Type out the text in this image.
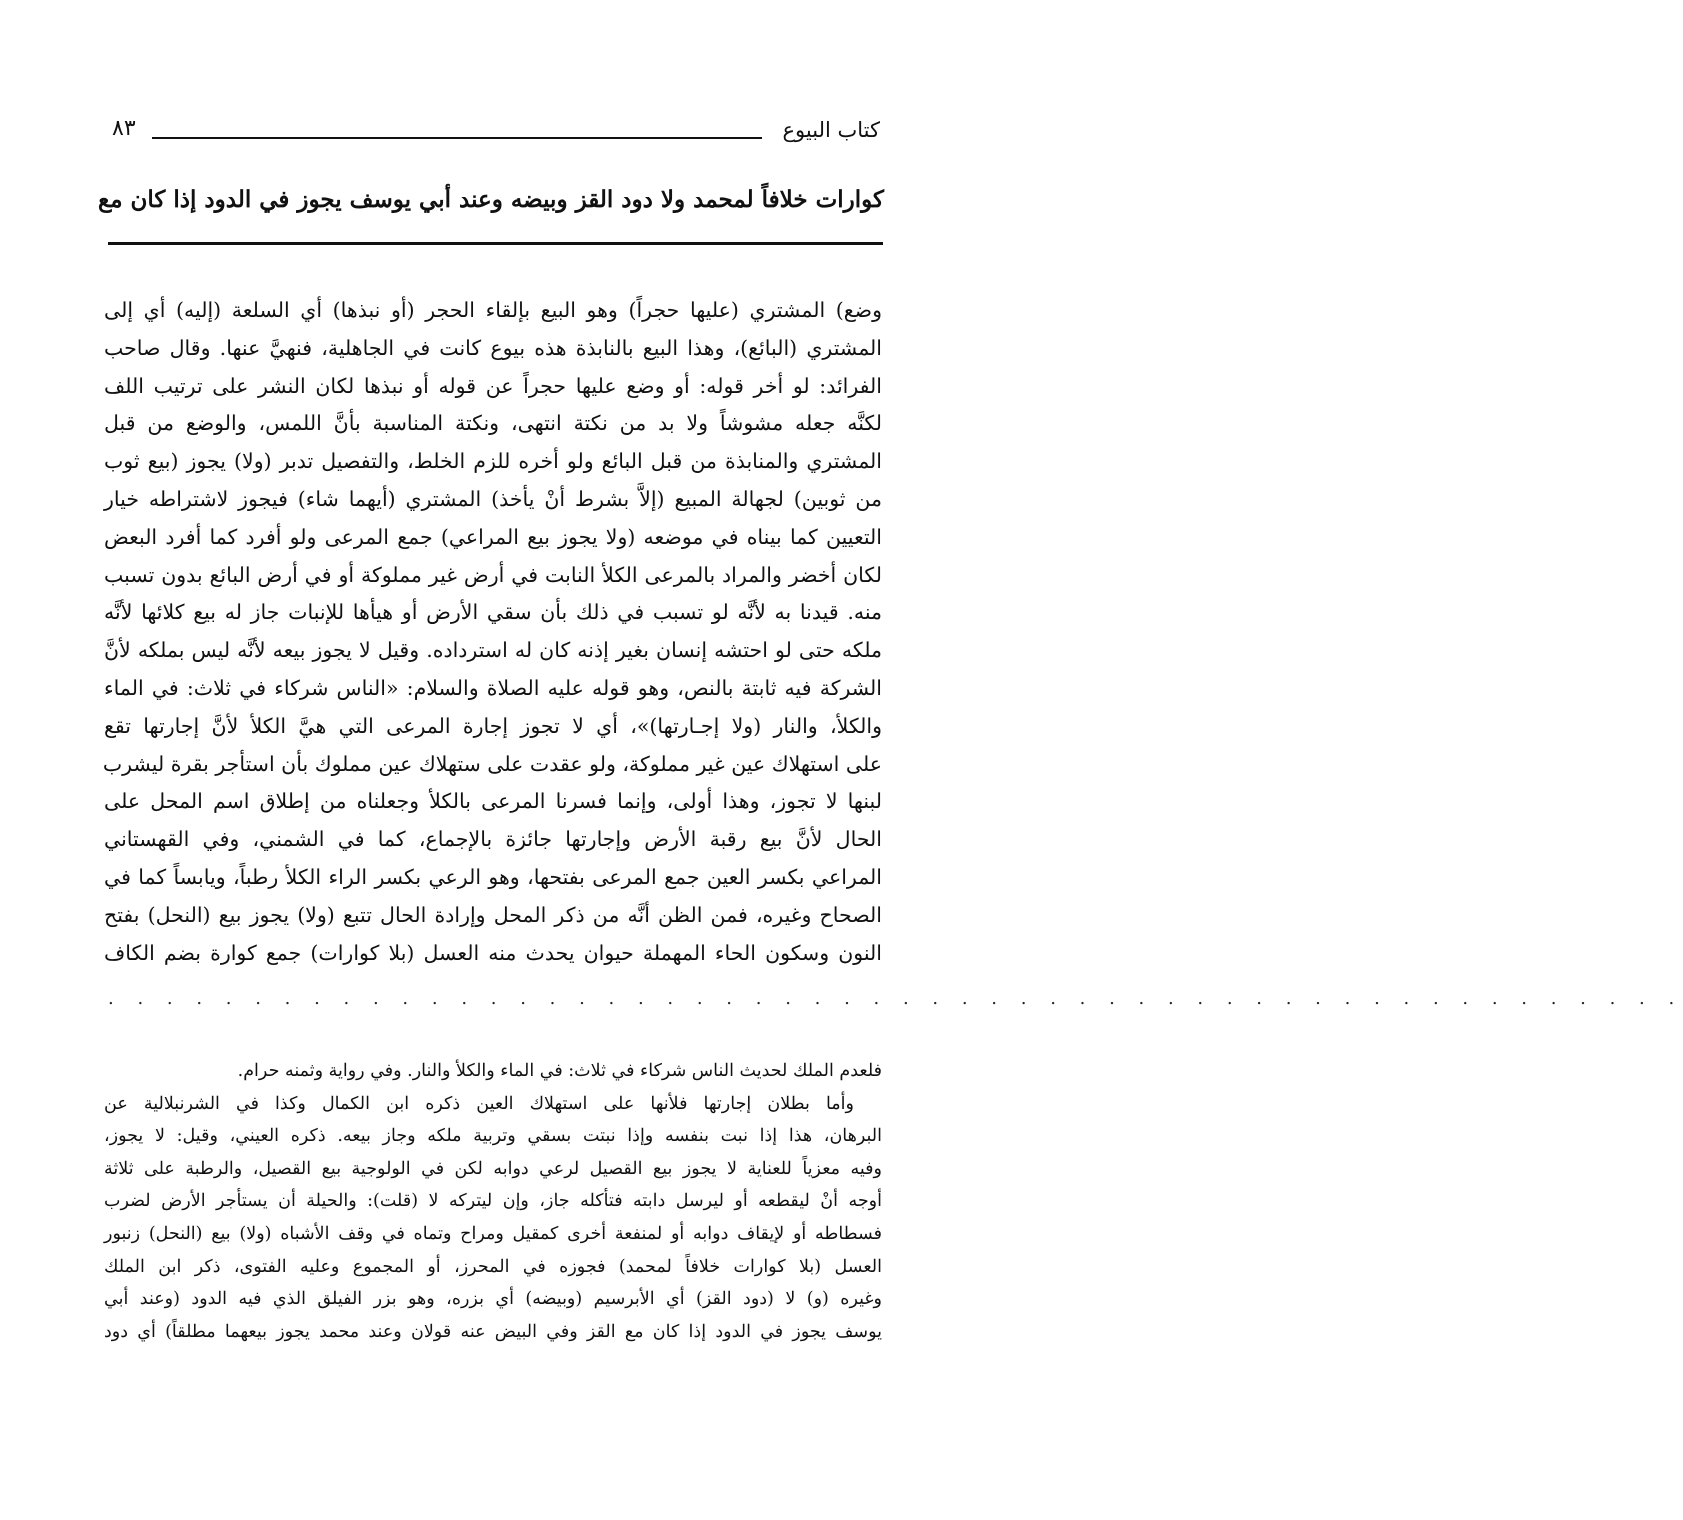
كتاب البيوع
٨٣
كوارات خلافاً لمحمد ولا دود القز وبيضه وعند أبي يوسف يجوز في الدود إذا كان مع
وضع) المشتري (عليها حجراً) وهو البيع بإلقاء الحجر (أو نبذها) أي السلعة (إليه) أي إلى
المشتري (البائع)، وهذا البيع بالنابذة هذه بيوع كانت في الجاهلية، فنهيَّ عنها. وقال صاحب
الفرائد: لو أخر قوله: أو وضع عليها حجراً عن قوله أو نبذها لكان النشر على ترتيب اللف
لكنَّه جعله مشوشاً ولا بد من نكتة انتهى، ونكتة المناسبة بأنَّ اللمس، والوضع من قبل
المشتري والمنابذة من قبل البائع ولو أخره للزم الخلط، والتفصيل تدبر (ولا) يجوز (بيع ثوب
من ثوبين) لجهالة المبيع (إلاَّ بشرط أنْ يأخذ) المشتري (أيهما شاء) فيجوز لاشتراطه خيار
التعيين كما بيناه في موضعه (ولا يجوز بيع المراعي) جمع المرعى ولو أفرد كما أفرد البعض
لكان أخضر والمراد بالمرعى الكلأ النابت في أرض غير مملوكة أو في أرض البائع بدون تسبب
منه. قيدنا به لأنَّه لو تسبب في ذلك بأن سقي الأرض أو هيأها للإنبات جاز له بيع كلائها لأنَّه
ملكه حتى لو احتشه إنسان بغير إذنه كان له استرداده. وقيل لا يجوز بيعه لأنَّه ليس بملكه لأنَّ
الشركة فيه ثابتة بالنص، وهو قوله عليه الصلاة والسلام: «الناس شركاء في ثلاث: في الماء
والكلأ، والنار (ولا إجـارتها)»، أي لا تجوز إجارة المرعى التي هيَّ الكلأ لأنَّ إجارتها تقع
على استهلاك عين غير مملوكة، ولو عقدت على ستهلاك عين مملوك بأن استأجر بقرة ليشرب
لبنها لا تجوز، وهذا أولى، وإنما فسرنا المرعى بالكلأ وجعلناه من إطلاق اسم المحل على
الحال لأنَّ بيع رقبة الأرض وإجارتها جائزة بالإجماع، كما في الشمني، وفي القهستاني
المراعي بكسر العين جمع المرعى بفتحها، وهو الرعي بكسر الراء الكلأ رطباً، ويابساً كما في
الصحاح وغيره، فمن الظن أنَّه من ذكر المحل وإرادة الحال تتبع (ولا) يجوز بيع (النحل) بفتح
النون وسكون الحاء المهملة حيوان يحدث منه العسل (بلا كوارات) جمع كوارة بضم الكاف
. . . . . . . . . . . . . . . . . . . . . . . . . . . . . . . . . . . . . . . . . . . . . . . . . . . . . .
فلعدم الملك لحديث الناس شركاء في ثلاث: في الماء والكلأ والنار. وفي رواية وثمنه حرام.
وأما بطلان إجارتها فلأنها على استهلاك العين ذكره ابن الكمال وكذا في الشرنبلالية عن
البرهان، هذا إذا نبت بنفسه وإذا نبتت بسقي وتربية ملكه وجاز بيعه. ذكره العيني، وقيل: لا يجوز،
وفيه معزياً للعناية لا يجوز بيع القصيل لرعي دوابه لكن في الولوجية بيع القصيل، والرطبة على ثلاثة
أوجه أنْ ليقطعه أو ليرسل دابته فتأكله جاز، وإن ليتركه لا (قلت): والحيلة أن يستأجر الأرض لضرب
فسطاطه أو لإيقاف دوابه أو لمنفعة أخرى كمقيل ومراح وتماه في وقف الأشباه (ولا) بيع (النحل) زنبور
العسل (بلا كوارات خلافاً لمحمد) فجوزه في المحرز، أو المجموع وعليه الفتوى، ذكر ابن الملك
وغيره (و) لا (دود القز) أي الأبرسيم (وبيضه) أي بزره، وهو بزر الفيلق الذي فيه الدود (وعند أبي
يوسف يجوز في الدود إذا كان مع القز وفي البيض عنه قولان وعند محمد يجوز بيعهما مطلقاً) أي دود
